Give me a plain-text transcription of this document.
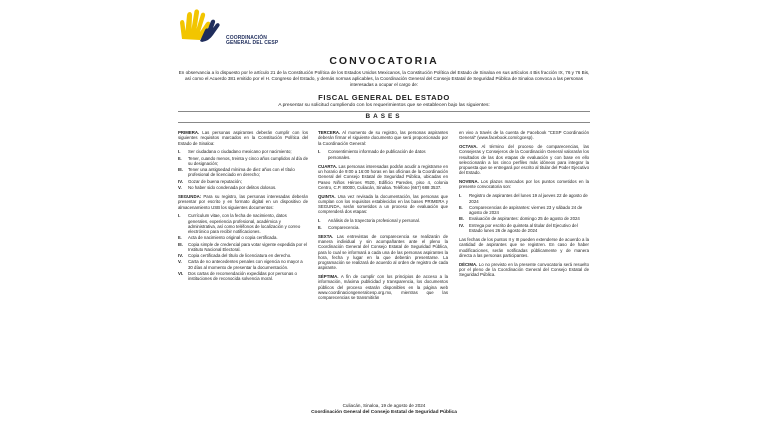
COORDINACIÓN
GENERAL DEL CESP
CONVOCATORIA
En observancia a lo dispuesto por le artículo 21 de la Constitución Política de los Estados Unidos Mexicanos, la Constitución Política del Estado de Sinaloa en sus artículos 4 Bis fracción IX, 76 y 76 Bis, así como el Acuerdo 381 emitido por el H. Congreso del Estado, y demás normas aplicables, la Coordinación General del Consejo Estatal de Seguridad Pública de Sinaloa convoca a las personas interesadas a ocupar el cargo de:
FISCAL GENERAL DEL ESTADO
A presentar su solicitud cumpliendo con los requerimientos que se establecen bajo las siguientes:
BASES

PRIMERA. Las personas aspirantes deberán cumplir con los siguientes requisitos marcados en la Constitución Política del Estado de Sinaloa:

I.	Ser ciudadana o ciudadano mexicano por nacimiento;
II.	Tener, cuando menos, treinta y cinco años cumplidos al día de su designación;
III.	Tener una antigüedad mínima de diez años con el título profesional de licenciado en derecho;
IV.	Gozar de buena reputación;
V.	No haber sido condenada por delitos dolosos.

SEGUNDA: Para su registro, las personas interesadas deberán presentar por escrito y en formato digital en un dispositivo de almacenamiento USB los siguientes documentos:

I.	Currículum vitae, con la fecha de nacimiento, datos generales, experiencia profesional, académica y administrativa, así como teléfonos de localización y correo electrónico para recibir notificaciones.
II.	Acta de nacimiento original o copia certificada.
III.	Copia simple de credencial para votar vigente expedida por el Instituto Nacional Electoral.
IV.	Copia certificada del título de licenciatura en derecho.
V.	Carta de no antecedentes penales con vigencia no mayor a 30 días al momento de presentar la documentación.
VI.	Dos cartas de recomendación expedidas por personas o instituciones de reconocida solvencia moral.

TERCERA. Al momento de su registro, las personas aspirantes deberán firmar el siguiente documento que será proporcionado por la Coordinación General:

I.	Consentimiento informado de publicación de datos personales.

CUARTA. Las personas interesadas podrán acudir a registrarse en un horario de 9:00 a 16:00 horas en las oficinas de la Coordinación General del Consejo Estatal de Seguridad Pública, ubicadas en Paseo Niños Héroes #520, Edificio Paredes, piso 4, colonia Centro, C.P. 80000, Culiacán, Sinaloa. Teléfono (667) 688 3537.

QUINTA. Una vez revisada la documentación, las personas que cumplan con los requisitos establecidos en las bases PRIMERA y SEGUNDA, serán sometidos a un proceso de evaluación que comprenderá dos etapas:

I.	Análisis de la trayectoria profesional y personal.
II.	Comparecencia.

SEXTA. Las entrevistas de comparecencia se realizarán de manera individual y sin acompañantes ante el pleno la Coordinación General del Consejo Estatal de Seguridad Pública, para lo cual se informará a cada una de las personas aspirantes la hora, fecha y lugar en la que deberán presentarse. La programación se realizará de acuerdo al orden de registro de cada aspirante.

SÉPTIMA. A fin de cumplir con los principios de acceso a la información, máxima publicidad y transparencia, los documentos públicos del proceso estarán disponibles en la página web www.coordinaciongeneralcesp.org.mx, mientras que las comparecencias se transmitirán

en vivo a través de la cuenta de Facebook "CESP Coordinación General" (www.facebook.com/cgcesp).

OCTAVA. Al término del proceso de comparecencias, las Consejeras y Consejeros de la Coordinación General valorarán los resultados de las dos etapas de evaluación y con base en ello seleccionarán a los cinco perfiles más idóneos para integrar la propuesta que se entregará por escrito al titular del Poder Ejecutivo del Estado.

NOVENA. Los plazos marcados por los puntos cometidos en la presente convocatoria son:

I.	Registro de aspirantes del lunes 19 al jueves 22 de agosto de 2024
II.	Comparecencias de aspirantes: viernes 23 y sábado 24 de agosto de 2024
III.	Evaluación de aspirantes: domingo 25 de agosto de 2024
IV.	Entrega por escrito de quinteta al titular del Ejecutivo del Estado lunes 26 de agosto de 2024

Las fechas de los puntos II y III pueden extenderse de acuerdo a la cantidad de aspirantes que se registren. En caso de haber modificaciones, serán notificadas públicamente y de manera directa a las personas participantes.

DÉCIMA. Lo no previsto en la presente convocatoria será resuelto por el pleno de la Coordinación General del Consejo Estatal de Seguridad Pública.

Culiacán, Sinaloa, 19 de agosto de 2024
Coordinación General del Consejo Estatal de Seguridad Pública
